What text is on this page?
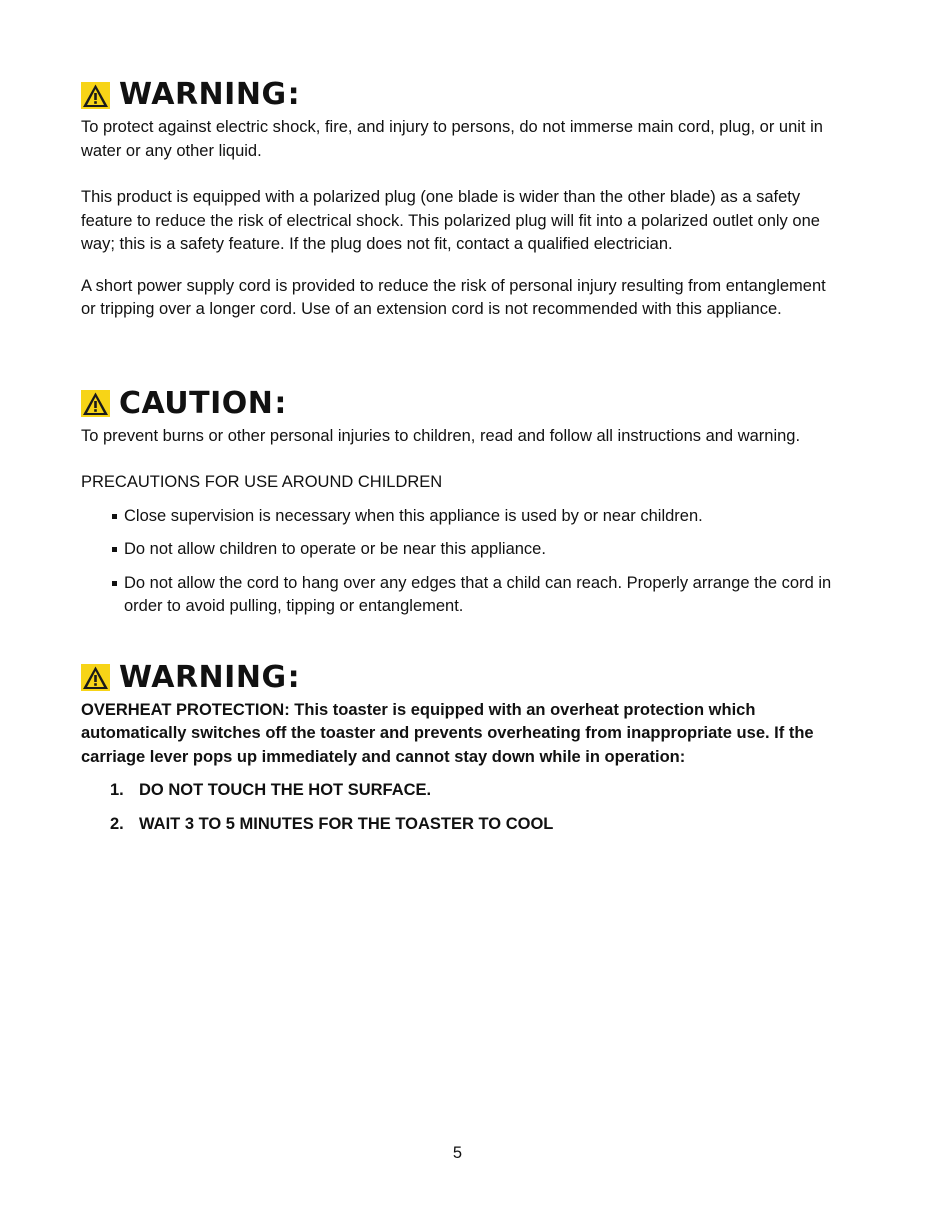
WARNING :

To protect against electric shock, fire, and injury to persons, do not immerse main cord, plug, or unit in water or any other liquid.

This product is equipped with a polarized plug (one blade is wider than the other blade) as a safety feature to reduce the risk of electrical shock. This polarized plug will fit into a polarized outlet only one way; this is a safety feature. If the plug does not fit, contact a qualified electrician.

A short power supply cord is provided to reduce the risk of personal injury resulting from entanglement or tripping over a longer cord. Use of an extension cord is not recommended with this appliance.

CAUTION :

To prevent burns or other personal injuries to children, read and follow all instructions and warning.

PRECAUTIONS FOR USE AROUND CHILDREN

Close supervision is necessary when this appliance is used by or near children.
Do not allow children to operate or be near this appliance.
Do not allow the cord to hang over any edges that a child can reach. Properly arrange the cord in order to avoid pulling, tipping or entanglement.
WARNING :

OVERHEAT PROTECTION: This toaster is equipped with an overheat protection which automatically switches off the toaster and prevents overheating from inappropriate use. If the carriage lever pops up immediately and cannot stay down while in operation:

1. DO NOT TOUCH THE HOT SURFACE.
2. WAIT 3 TO 5 MINUTES FOR THE TOASTER TO COOL
5
